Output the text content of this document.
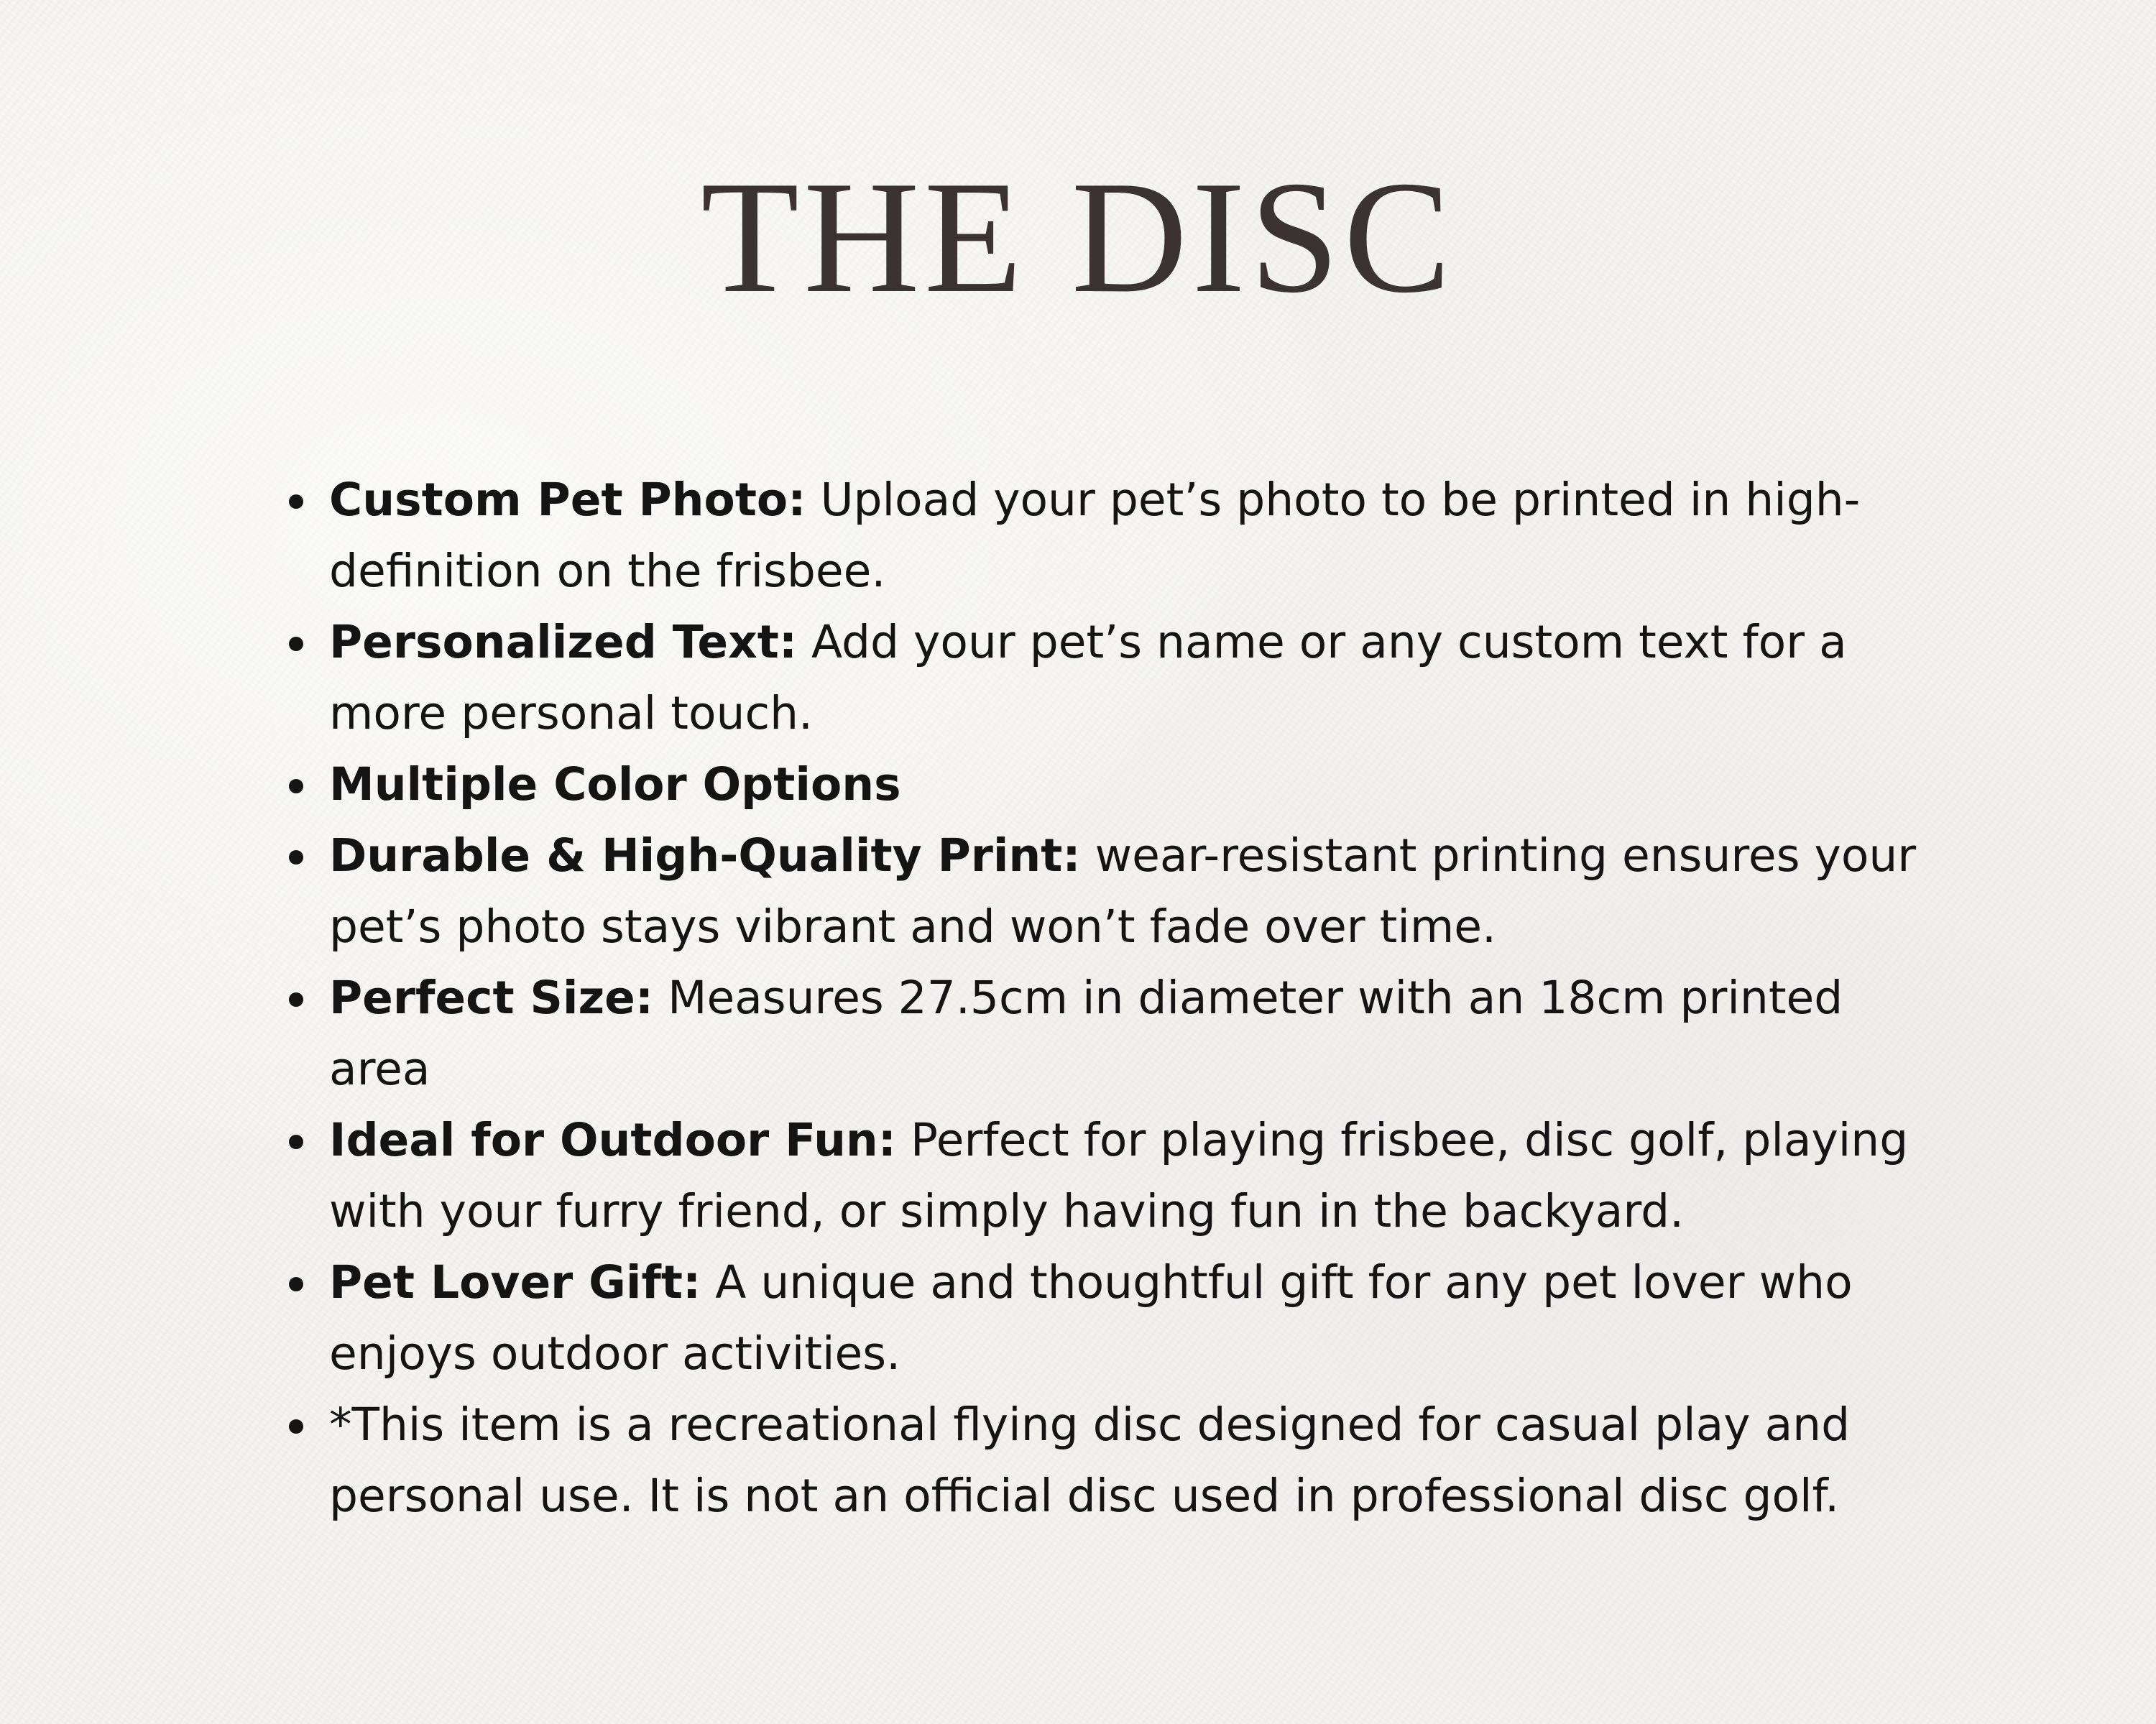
THE DISC
Custom Pet Photo: Upload your pet’s photo to be printed in high-definition on the frisbee.
Personalized Text: Add your pet’s name or any custom text for a more personal touch.
Multiple Color Options
Durable & High-Quality Print: wear-resistant printing ensures your pet’s photo stays vibrant and won’t fade over time.
Perfect Size: Measures 27.5cm in diameter with an 18cm printed area
Ideal for Outdoor Fun: Perfect for playing frisbee, disc golf, playing with your furry friend, or simply having fun in the backyard.
Pet Lover Gift: A unique and thoughtful gift for any pet lover who enjoys outdoor activities.
*This item is a recreational flying disc designed for casual play and personal use. It is not an official disc used in professional disc golf.
